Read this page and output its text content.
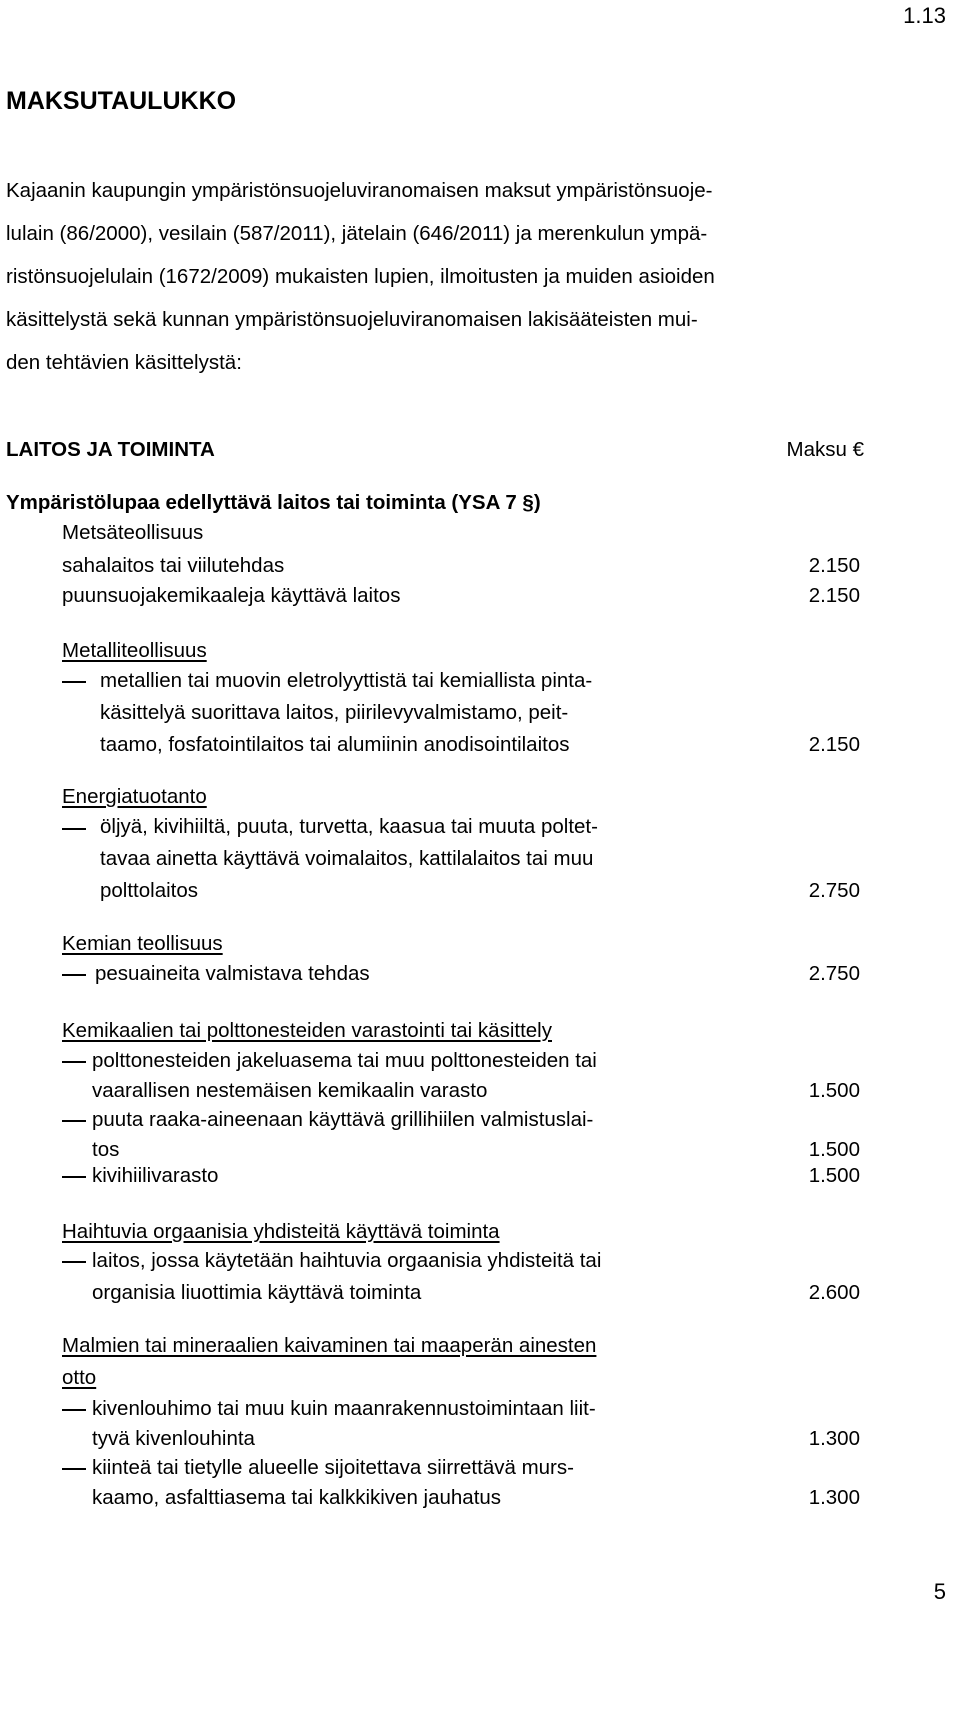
1.13
MAKSUTAULUKKO
Kajaanin kaupungin ympäristönsuojeluviranomaisen maksut ympäristönsuoje-
lulain (86/2000), vesilain (587/2011), jätelain (646/2011) ja merenkulun ympä-
ristönsuojelulain (1672/2009) mukaisten lupien, ilmoitusten ja muiden asioiden
käsittelystä sekä kunnan ympäristönsuojeluviranomaisen lakisääteisten mui-
den tehtävien käsittelystä:
LAITOS JA TOIMINTA	Maksu €
Ympäristölupaa edellyttävä laitos tai toiminta (YSA 7 §)
Metsäteollisuus
sahalaitos tai viilutehdas	2.150
puunsuojakemikaaleja käyttävä laitos	2.150
Metalliteollisuus
metallien tai muovin eletrolyyttistä tai kemiallista pinta-
käsittelyä suorittava laitos, piirilevyvalmistamo, peit-
taamo, fosfatointilaitos tai alumiinin anodisointilaitos	2.150
Energiatuotanto
öljyä, kivihiiltä, puuta, turvetta, kaasua tai muuta poltet-
tavaa ainetta käyttävä voimalaitos, kattilalaitos tai muu
polttolaitos	2.750
Kemian teollisuus
pesuaineita valmistava tehdas	2.750
Kemikaalien tai polttonesteiden varastointi tai käsittely
polttonesteiden jakeluasema tai muu polttonesteiden tai
vaarallisen nestemäisen kemikaalin varasto	1.500
puuta raaka-aineenaan käyttävä grillihiilen valmistuslai-
tos	1.500
kivihiilivarasto	1.500
Haihtuvia orgaanisia yhdisteitä käyttävä toiminta
laitos, jossa käytetään haihtuvia orgaanisia yhdisteitä tai
organisia liuottimia käyttävä toiminta	2.600
Malmien tai mineraalien kaivaminen tai maaperän ainesten
otto
kivenlouhimo tai muu kuin maanrakennustoimintaan liit-
tyvä kivenlouhinta	1.300
kiinteä tai tietylle alueelle sijoitettava siirrettävä murs-
kaamo, asfalttiasema tai kalkkikiven jauhatus	1.300
5
